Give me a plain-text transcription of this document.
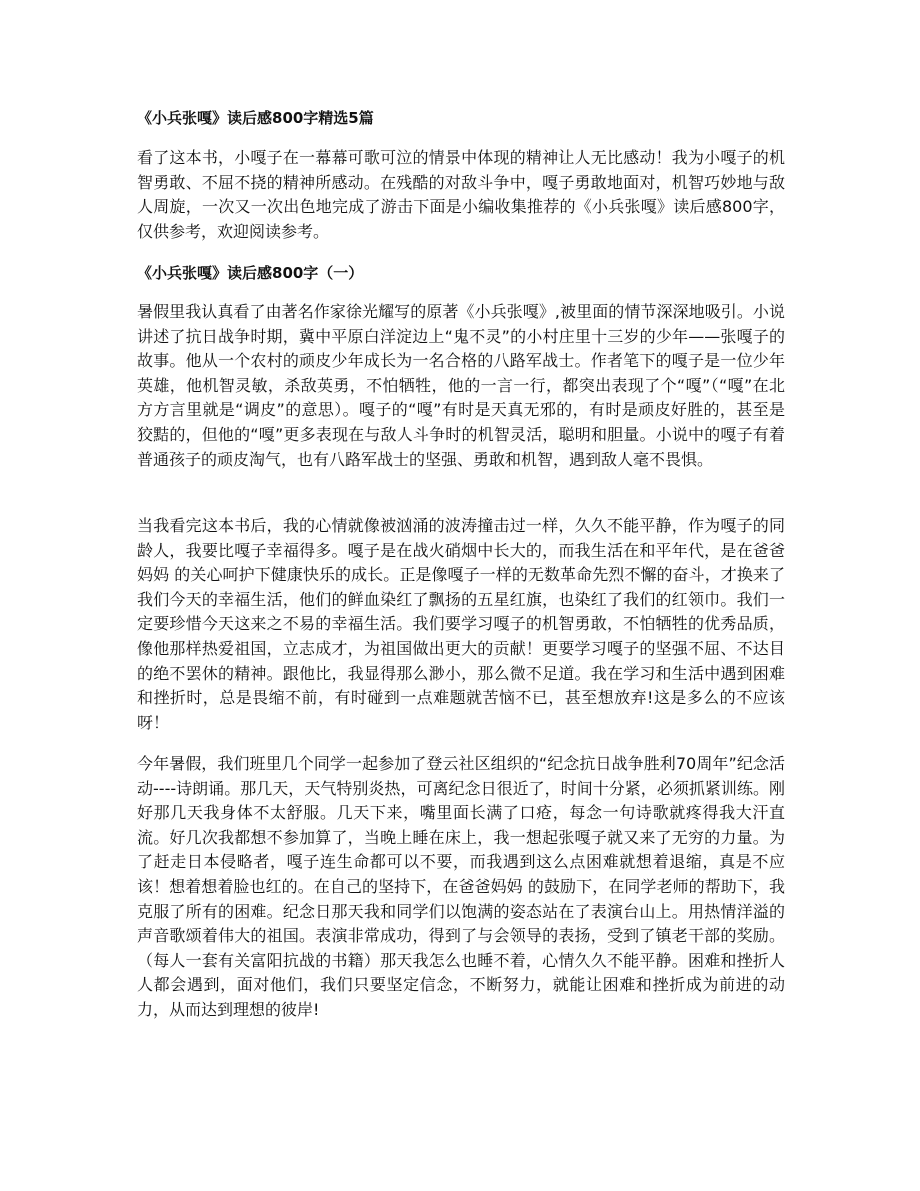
《小兵张嘎》读后感800字精选5篇

看了这本书，小嘎子在一幕幕可歌可泣的情景中体现的精神让人无比感动！我为小嘎子的机智勇敢、不屈不挠的精神所感动。在残酷的对敌斗争中，嘎子勇敢地面对，机智巧妙地与敌人周旋，一次又一次出色地完成了游击下面是小编收集推荐的《小兵张嘎》读后感800字，仅供参考，欢迎阅读参考。

《小兵张嘎》读后感800字（一）

暑假里我认真看了由著名作家徐光耀写的原著《小兵张嘎》,被里面的情节深深地吸引。小说讲述了抗日战争时期，冀中平原白洋淀边上“鬼不灵”的小村庄里十三岁的少年——张嘎子的故事。他从一个农村的顽皮少年成长为一名合格的八路军战士。作者笔下的嘎子是一位少年英雄，他机智灵敏，杀敌英勇，不怕牺牲，他的一言一行，都突出表现了个“嘎”（“嘎”在北方方言里就是“调皮”的意思）。嘎子的“嘎”有时是天真无邪的，有时是顽皮好胜的，甚至是狡黠的，但他的“嘎”更多表现在与敌人斗争时的机智灵活，聪明和胆量。小说中的嘎子有着普通孩子的顽皮淘气，也有八路军战士的坚强、勇敢和机智，遇到敌人毫不畏惧。

当我看完这本书后，我的心情就像被汹涌的波涛撞击过一样，久久不能平静，作为嘎子的同龄人，我要比嘎子幸福得多。嘎子是在战火硝烟中长大的，而我生活在和平年代，是在爸爸妈妈 的关心呵护下健康快乐的成长。正是像嘎子一样的无数革命先烈不懈的奋斗，才换来了我们今天的幸福生活，他们的鲜血染红了飘扬的五星红旗，也染红了我们的红领巾。我们一定要珍惜今天这来之不易的幸福生活。我们要学习嘎子的机智勇敢，不怕牺牲的优秀品质，像他那样热爱祖国，立志成才，为祖国做出更大的贡献！更要学习嘎子的坚强不屈、不达目的绝不罢休的精神。跟他比，我显得那么渺小，那么微不足道。我在学习和生活中遇到困难和挫折时，总是畏缩不前，有时碰到一点难题就苦恼不已，甚至想放弃!这是多么的不应该呀！

今年暑假，我们班里几个同学一起参加了登云社区组织的“纪念抗日战争胜利70周年”纪念活动----诗朗诵。那几天，天气特别炎热，可离纪念日很近了，时间十分紧，必须抓紧训练。刚好那几天我身体不太舒服。几天下来，嘴里面长满了口疮，每念一句诗歌就疼得我大汗直流。好几次我都想不参加算了，当晚上睡在床上，我一想起张嘎子就又来了无穷的力量。为了赶走日本侵略者，嘎子连生命都可以不要，而我遇到这么点困难就想着退缩，真是不应该！想着想着脸也红的。在自己的坚持下，在爸爸妈妈 的鼓励下，在同学老师的帮助下，我克服了所有的困难。纪念日那天我和同学们以饱满的姿态站在了表演台山上。用热情洋溢的声音歌颂着伟大的祖国。表演非常成功，得到了与会领导的表扬，受到了镇老干部的奖励。（每人一套有关富阳抗战的书籍）那天我怎么也睡不着，心情久久不能平静。困难和挫折人人都会遇到，面对他们，我们只要坚定信念，不断努力，就能让困难和挫折成为前进的动力，从而达到理想的彼岸!
